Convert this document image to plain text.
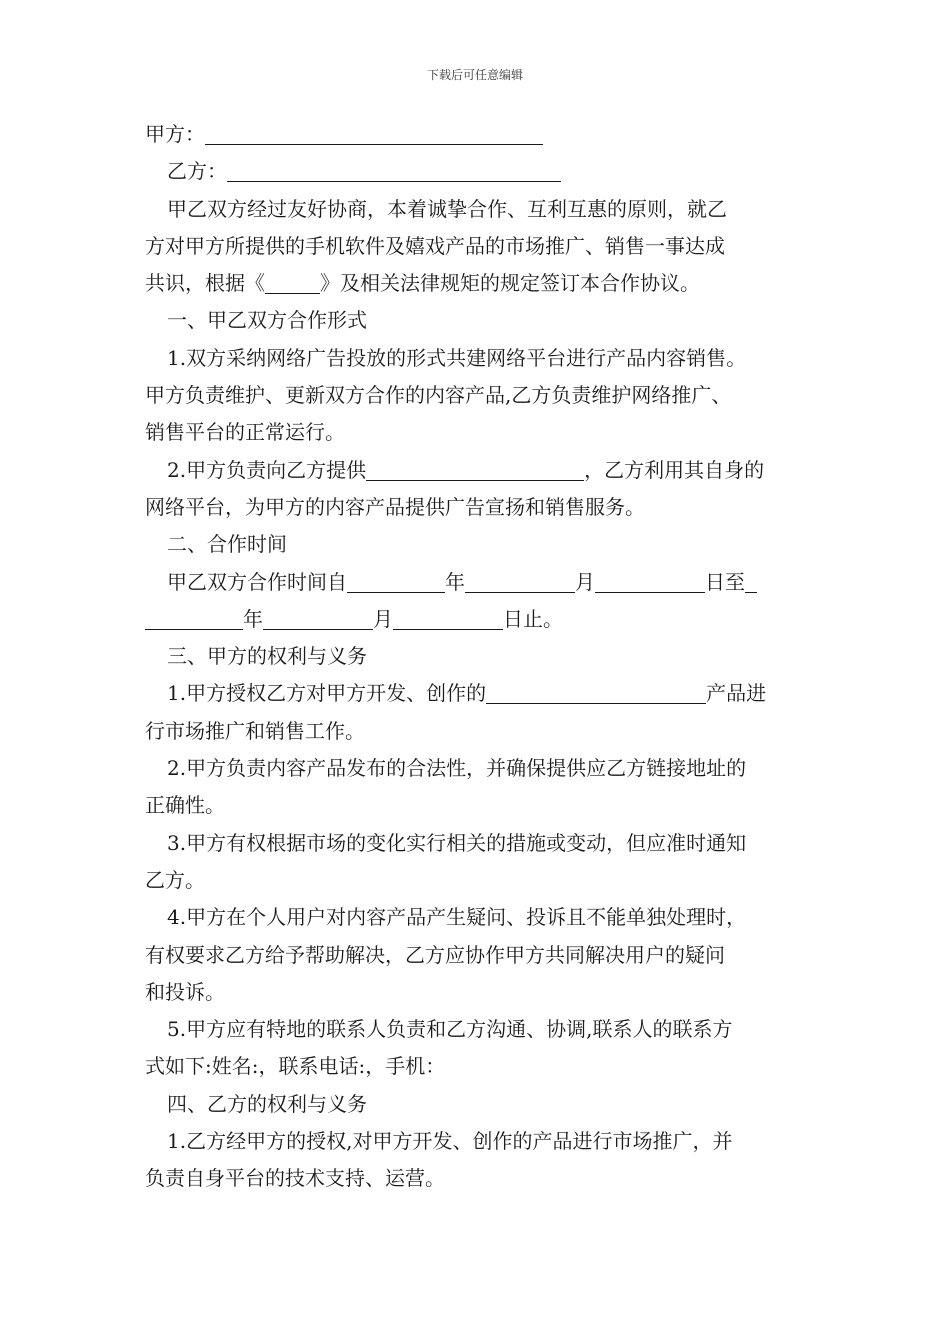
下载后可任意编辑
甲方：
乙方：
甲乙双方经过友好协商，本着诚挚合作、互利互惠的原则，就乙
方对甲方所提供的手机软件及嬉戏产品的市场推广、销售一事达成
共识，根据《	》及相关法律规矩的规定签订本合作协议。
一、甲乙双方合作形式
1.双方采纳网络广告投放的形式共建网络平台进行产品内容销售。
甲方负责维护、更新双方合作的内容产品,乙方负责维护网络推广、
销售平台的正常运行。
2.甲方负责向乙方提供	，乙方利用其自身的
网络平台，为甲方的内容产品提供广告宣扬和销售服务。
二、合作时间
甲乙双方合作时间自	年	月	日至
年	月	日止。
三、甲方的权利与义务
1.甲方授权乙方对甲方开发、创作的	产品进
行市场推广和销售工作。
2.甲方负责内容产品发布的合法性，并确保提供应乙方链接地址的
正确性。
3.甲方有权根据市场的变化实行相关的措施或变动，但应准时通知
乙方。
4.甲方在个人用户对内容产品产生疑问、投诉且不能单独处理时，
有权要求乙方给予帮助解决，乙方应协作甲方共同解决用户的疑问
和投诉。
5.甲方应有特地的联系人负责和乙方沟通、协调,联系人的联系方
式如下:姓名:，联系电话:，手机：
四、乙方的权利与义务
1.乙方经甲方的授权,对甲方开发、创作的产品进行市场推广，并
负责自身平台的技术支持、运营。
